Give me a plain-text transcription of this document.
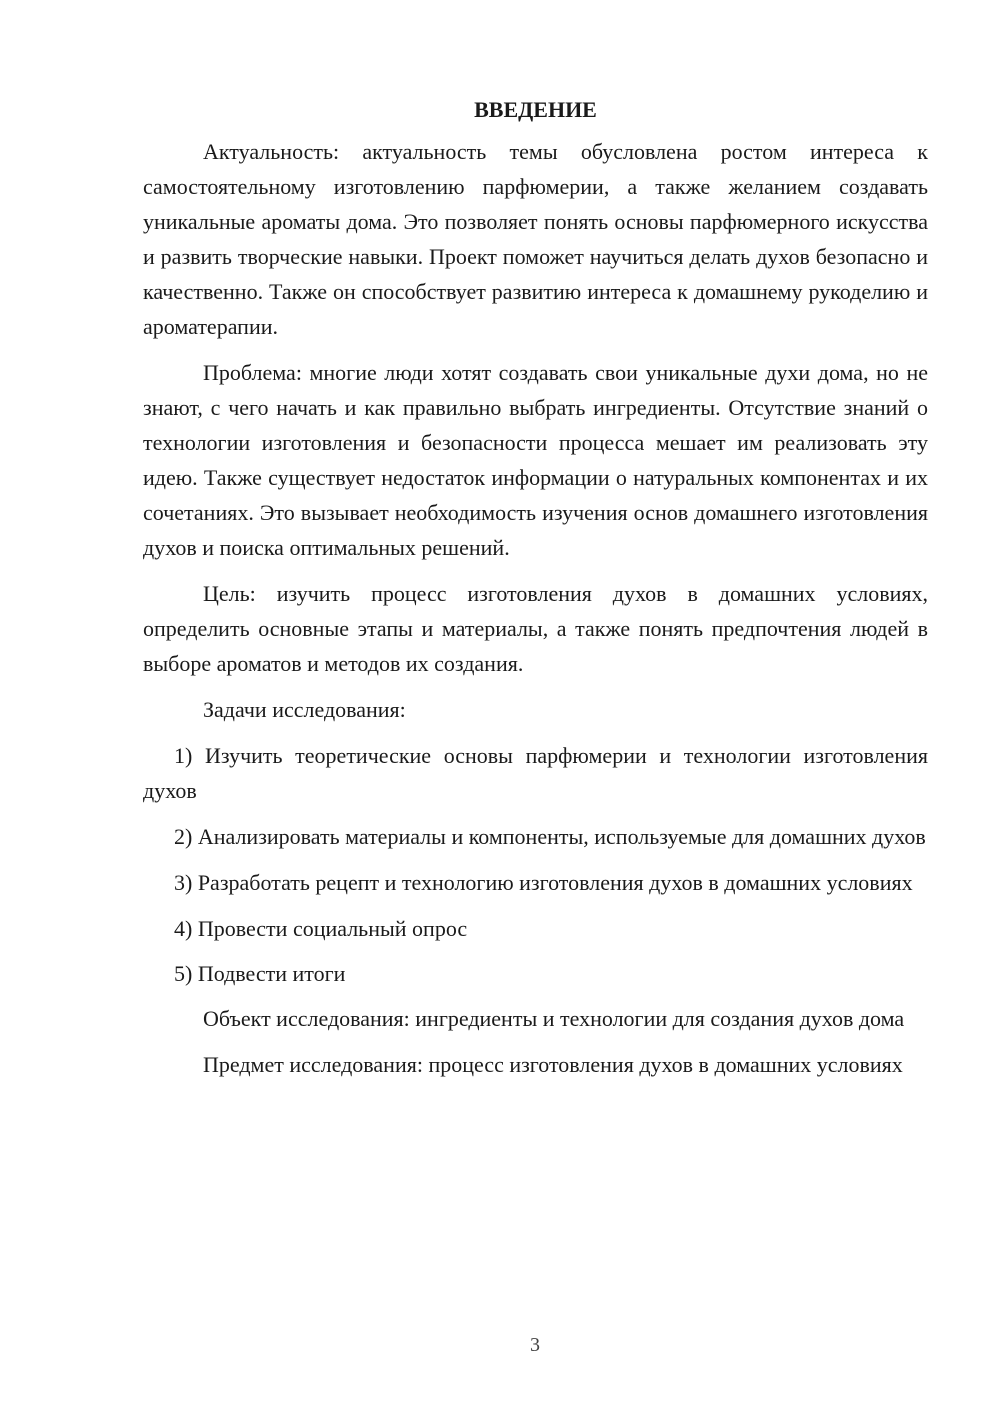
ВВЕДЕНИЕ

Актуальность: актуальность темы обусловлена ростом интереса к самостоятельному изготовлению парфюмерии, а также желанием создавать уникальные ароматы дома. Это позволяет понять основы парфюмерного искусства и развить творческие навыки. Проект поможет научиться делать духов безопасно и качественно. Также он способствует развитию интереса к домашнему рукоделию и ароматерапии.

Проблема: многие люди хотят создавать свои уникальные духи дома, но не знают, с чего начать и как правильно выбрать ингредиенты. Отсутствие знаний о технологии изготовления и безопасности процесса мешает им реализовать эту идею. Также существует недостаток информации о натуральных компонентах и их сочетаниях. Это вызывает необходимость изучения основ домашнего изготовления духов и поиска оптимальных решений.

Цель: изучить процесс изготовления духов в домашних условиях, определить основные этапы и материалы, а также понять предпочтения людей в выборе ароматов и методов их создания.

Задачи исследования:

1) Изучить теоретические основы парфюмерии и технологии изготовления духов

2) Анализировать материалы и компоненты, используемые для домашних духов

3) Разработать рецепт и технологию изготовления духов в домашних условиях

4) Провести социальный опрос

5) Подвести итоги

Объект исследования: ингредиенты и технологии для создания духов дома

Предмет исследования: процесс изготовления духов в домашних условиях

3
